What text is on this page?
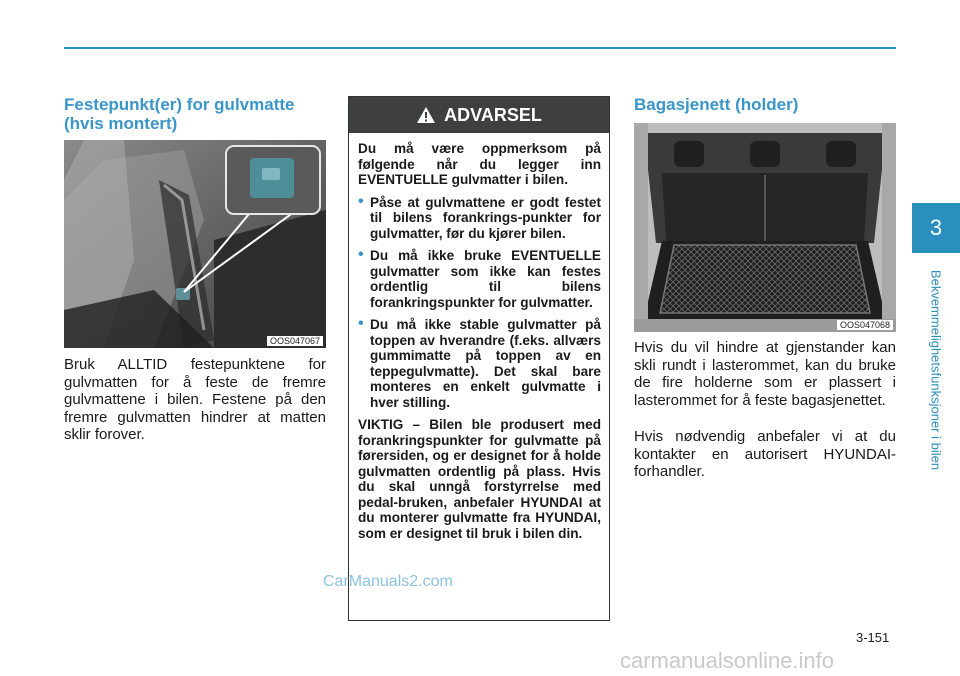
Festepunkt(er) for gulvmatte (hvis montert)
OOS047067

Bruk ALLTID festepunktene for gulvmatten for å feste de fremre gulvmattene i bilen. Festene på den fremre gulvmatten hindrer at matten sklir forover.

ADVARSEL

Du må være oppmerksom på følgende når du legger inn EVENTUELLE gulvmatter i bilen.

• Påse at gulvmattene er godt festet til bilens forankrings-punkter for gulvmatter, før du kjører bilen.
• Du må ikke bruke EVENTUELLE gulvmatter som ikke kan festes ordentlig til bilens forankringspunkter for gulvmatter.
• Du må ikke stable gulvmatter på toppen av hverandre (f.eks. allværs gummimatte på toppen av en teppegulvmatte). Det skal bare monteres en enkelt gulvmatte i hver stilling.

VIKTIG – Bilen ble produsert med forankringspunkter for gulvmatte på førersiden, og er designet for å holde gulvmatten ordentlig på plass. Hvis du skal unngå forstyrrelse med pedal-bruken, anbefaler HYUNDAI at du monterer gulvmatte fra HYUNDAI, som er designet til bruk i bilen din.

Bagasjenett (holder)
OOS047068

Hvis du vil hindre at gjenstander kan skli rundt i lasterommet, kan du bruke de fire holderne som er plassert i lasterommet for å feste bagasjenettet.

Hvis nødvendig anbefaler vi at du kontakter en autorisert HYUNDAI-forhandler.

3
Bekvemmelighetsfunksjoner i bilen
3-151
CarManuals2.com
carmanualsonline.info
